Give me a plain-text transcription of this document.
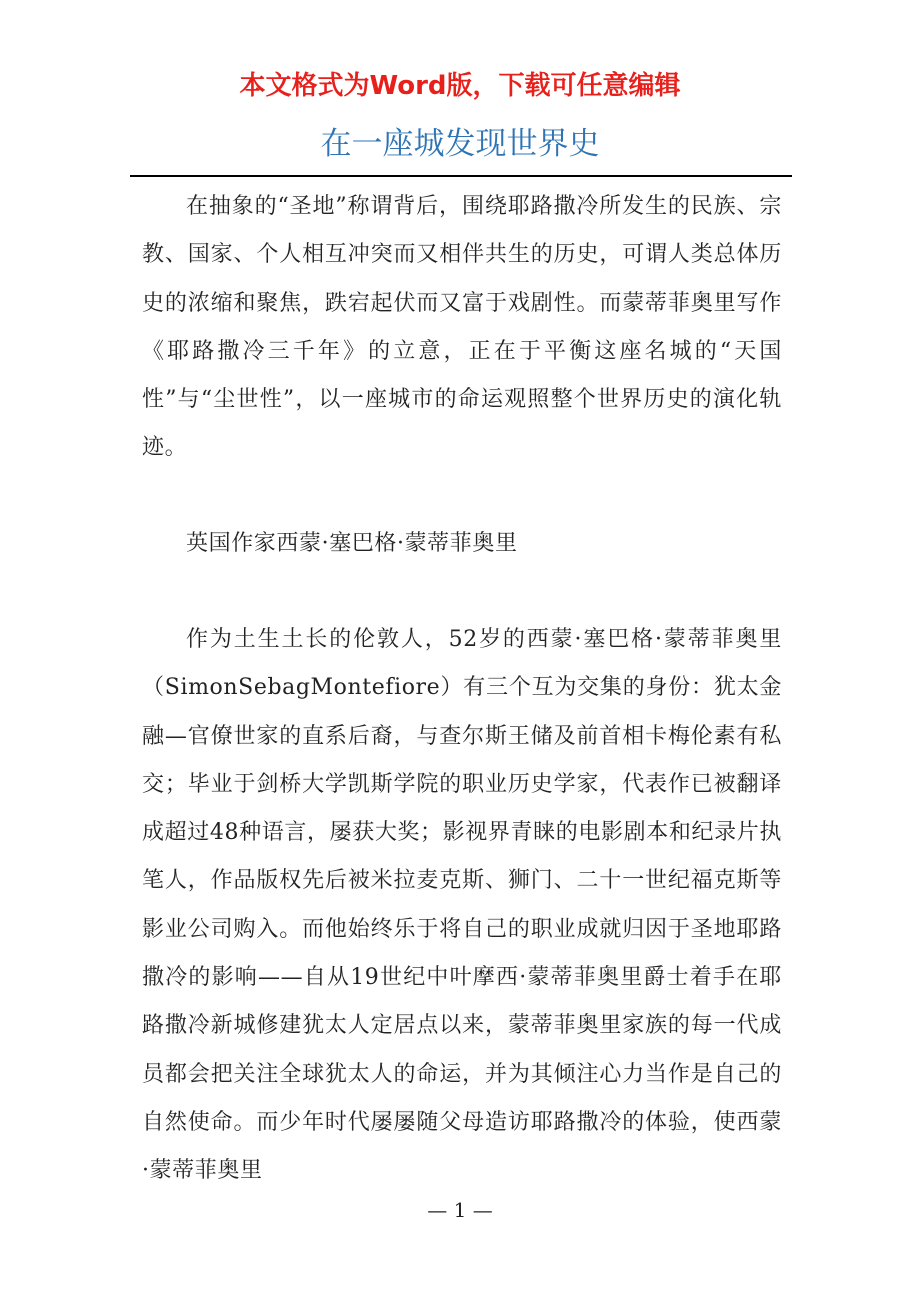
本文格式为Word版，下载可任意编辑
在一座城发现世界史

在抽象的“圣地”称谓背后，围绕耶路撒冷所发生的民族、宗教、国家、个人相互冲突而又相伴共生的历史，可谓人类总体历史的浓缩和聚焦，跌宕起伏而又富于戏剧性。而蒙蒂菲奥里写作《耶路撒冷三千年》的立意，正在于平衡这座名城的“天国性”与“尘世性”，以一座城市的命运观照整个世界历史的演化轨迹。

英国作家西蒙·塞巴格·蒙蒂菲奥里

作为土生土长的伦敦人，52岁的西蒙·塞巴格·蒙蒂菲奥里（SimonSebagMontefiore）有三个互为交集的身份：犹太金融—官僚世家的直系后裔，与查尔斯王储及前首相卡梅伦素有私交；毕业于剑桥大学凯斯学院的职业历史学家，代表作已被翻译成超过48种语言，屡获大奖；影视界青睐的电影剧本和纪录片执笔人，作品版权先后被米拉麦克斯、狮门、二十一世纪福克斯等影业公司购入。而他始终乐于将自己的职业成就归因于圣地耶路撒冷的影响——自从19世纪中叶摩西·蒙蒂菲奥里爵士着手在耶路撒冷新城修建犹太人定居点以来，蒙蒂菲奥里家族的每一代成员都会把关注全球犹太人的命运，并为其倾注心力当作是自己的自然使命。而少年时代屡屡随父母造访耶路撒冷的体验，使西蒙·蒙蒂菲奥里

— 1 —
